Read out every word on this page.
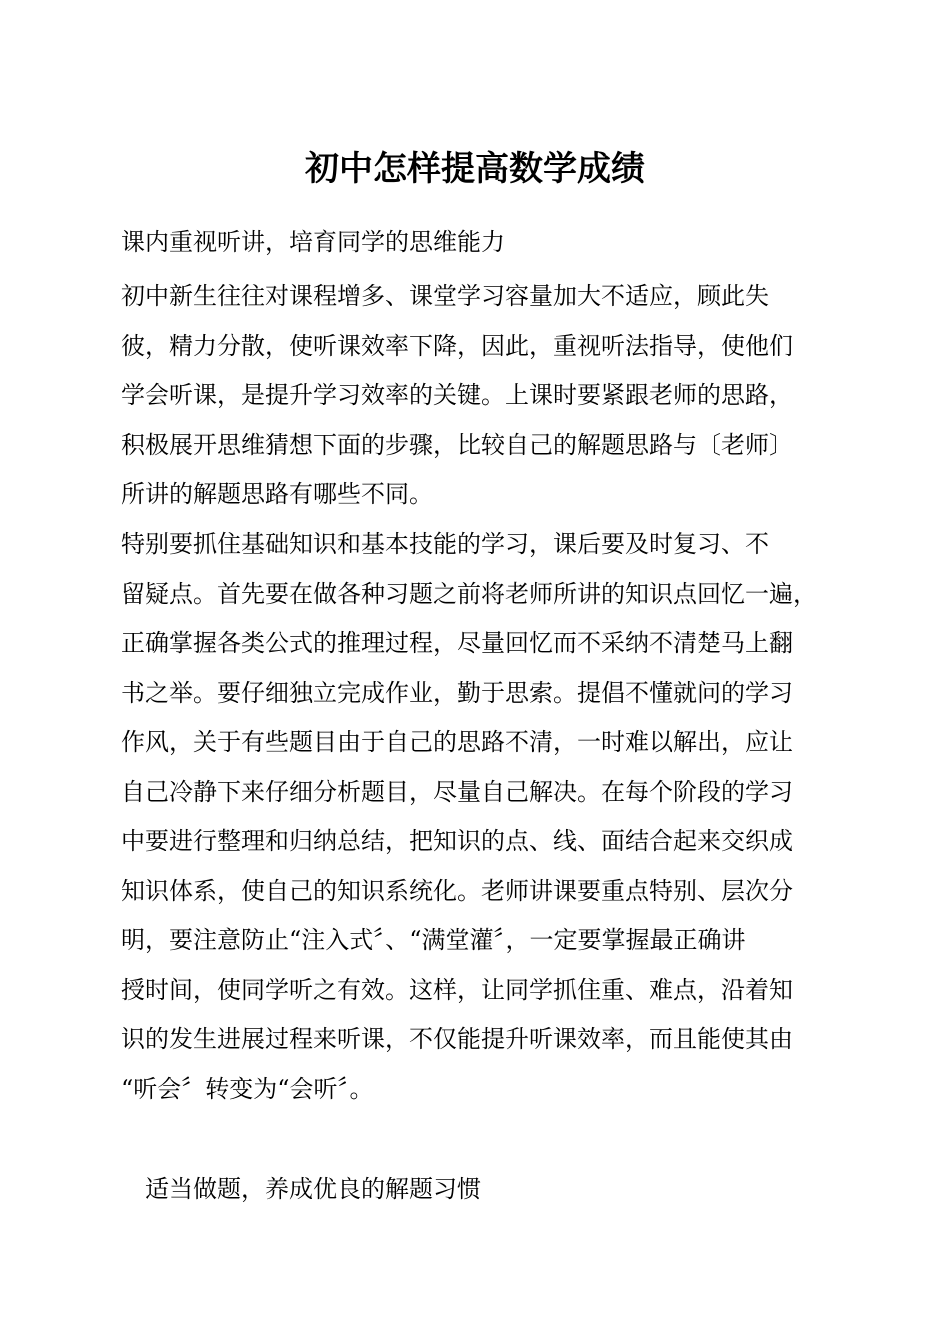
初中怎样提高数学成绩
课内重视听讲，培育同学的思维能力
初中新生往往对课程增多、课堂学习容量加大不适应，顾此失
彼，精力分散，使听课效率下降，因此，重视听法指导，使他们
学会听课，是提升学习效率的关键。上课时要紧跟老师的思路，
积极展开思维猜想下面的步骤，比较自己的解题思路与〔老师〕
所讲的解题思路有哪些不同。
特别要抓住基础知识和基本技能的学习，课后要及时复习、不
留疑点。首先要在做各种习题之前将老师所讲的知识点回忆一遍，
正确掌握各类公式的推理过程，尽量回忆而不采纳不清楚马上翻
书之举。要仔细独立完成作业，勤于思索。提倡不懂就问的学习
作风，关于有些题目由于自己的思路不清，一时难以解出，应让
自己冷静下来仔细分析题目，尽量自己解决。在每个阶段的学习
中要进行整理和归纳总结，把知识的点、线、面结合起来交织成
知识体系，使自己的知识系统化。老师讲课要重点特别、层次分
明，要注意防止“注入式〞、“满堂灌〞，一定要掌握最正确讲
授时间，使同学听之有效。这样，让同学抓住重、难点，沿着知
识的发生进展过程来听课，不仅能提升听课效率，而且能使其由
“听会〞转变为“会听〞。
适当做题，养成优良的解题习惯
